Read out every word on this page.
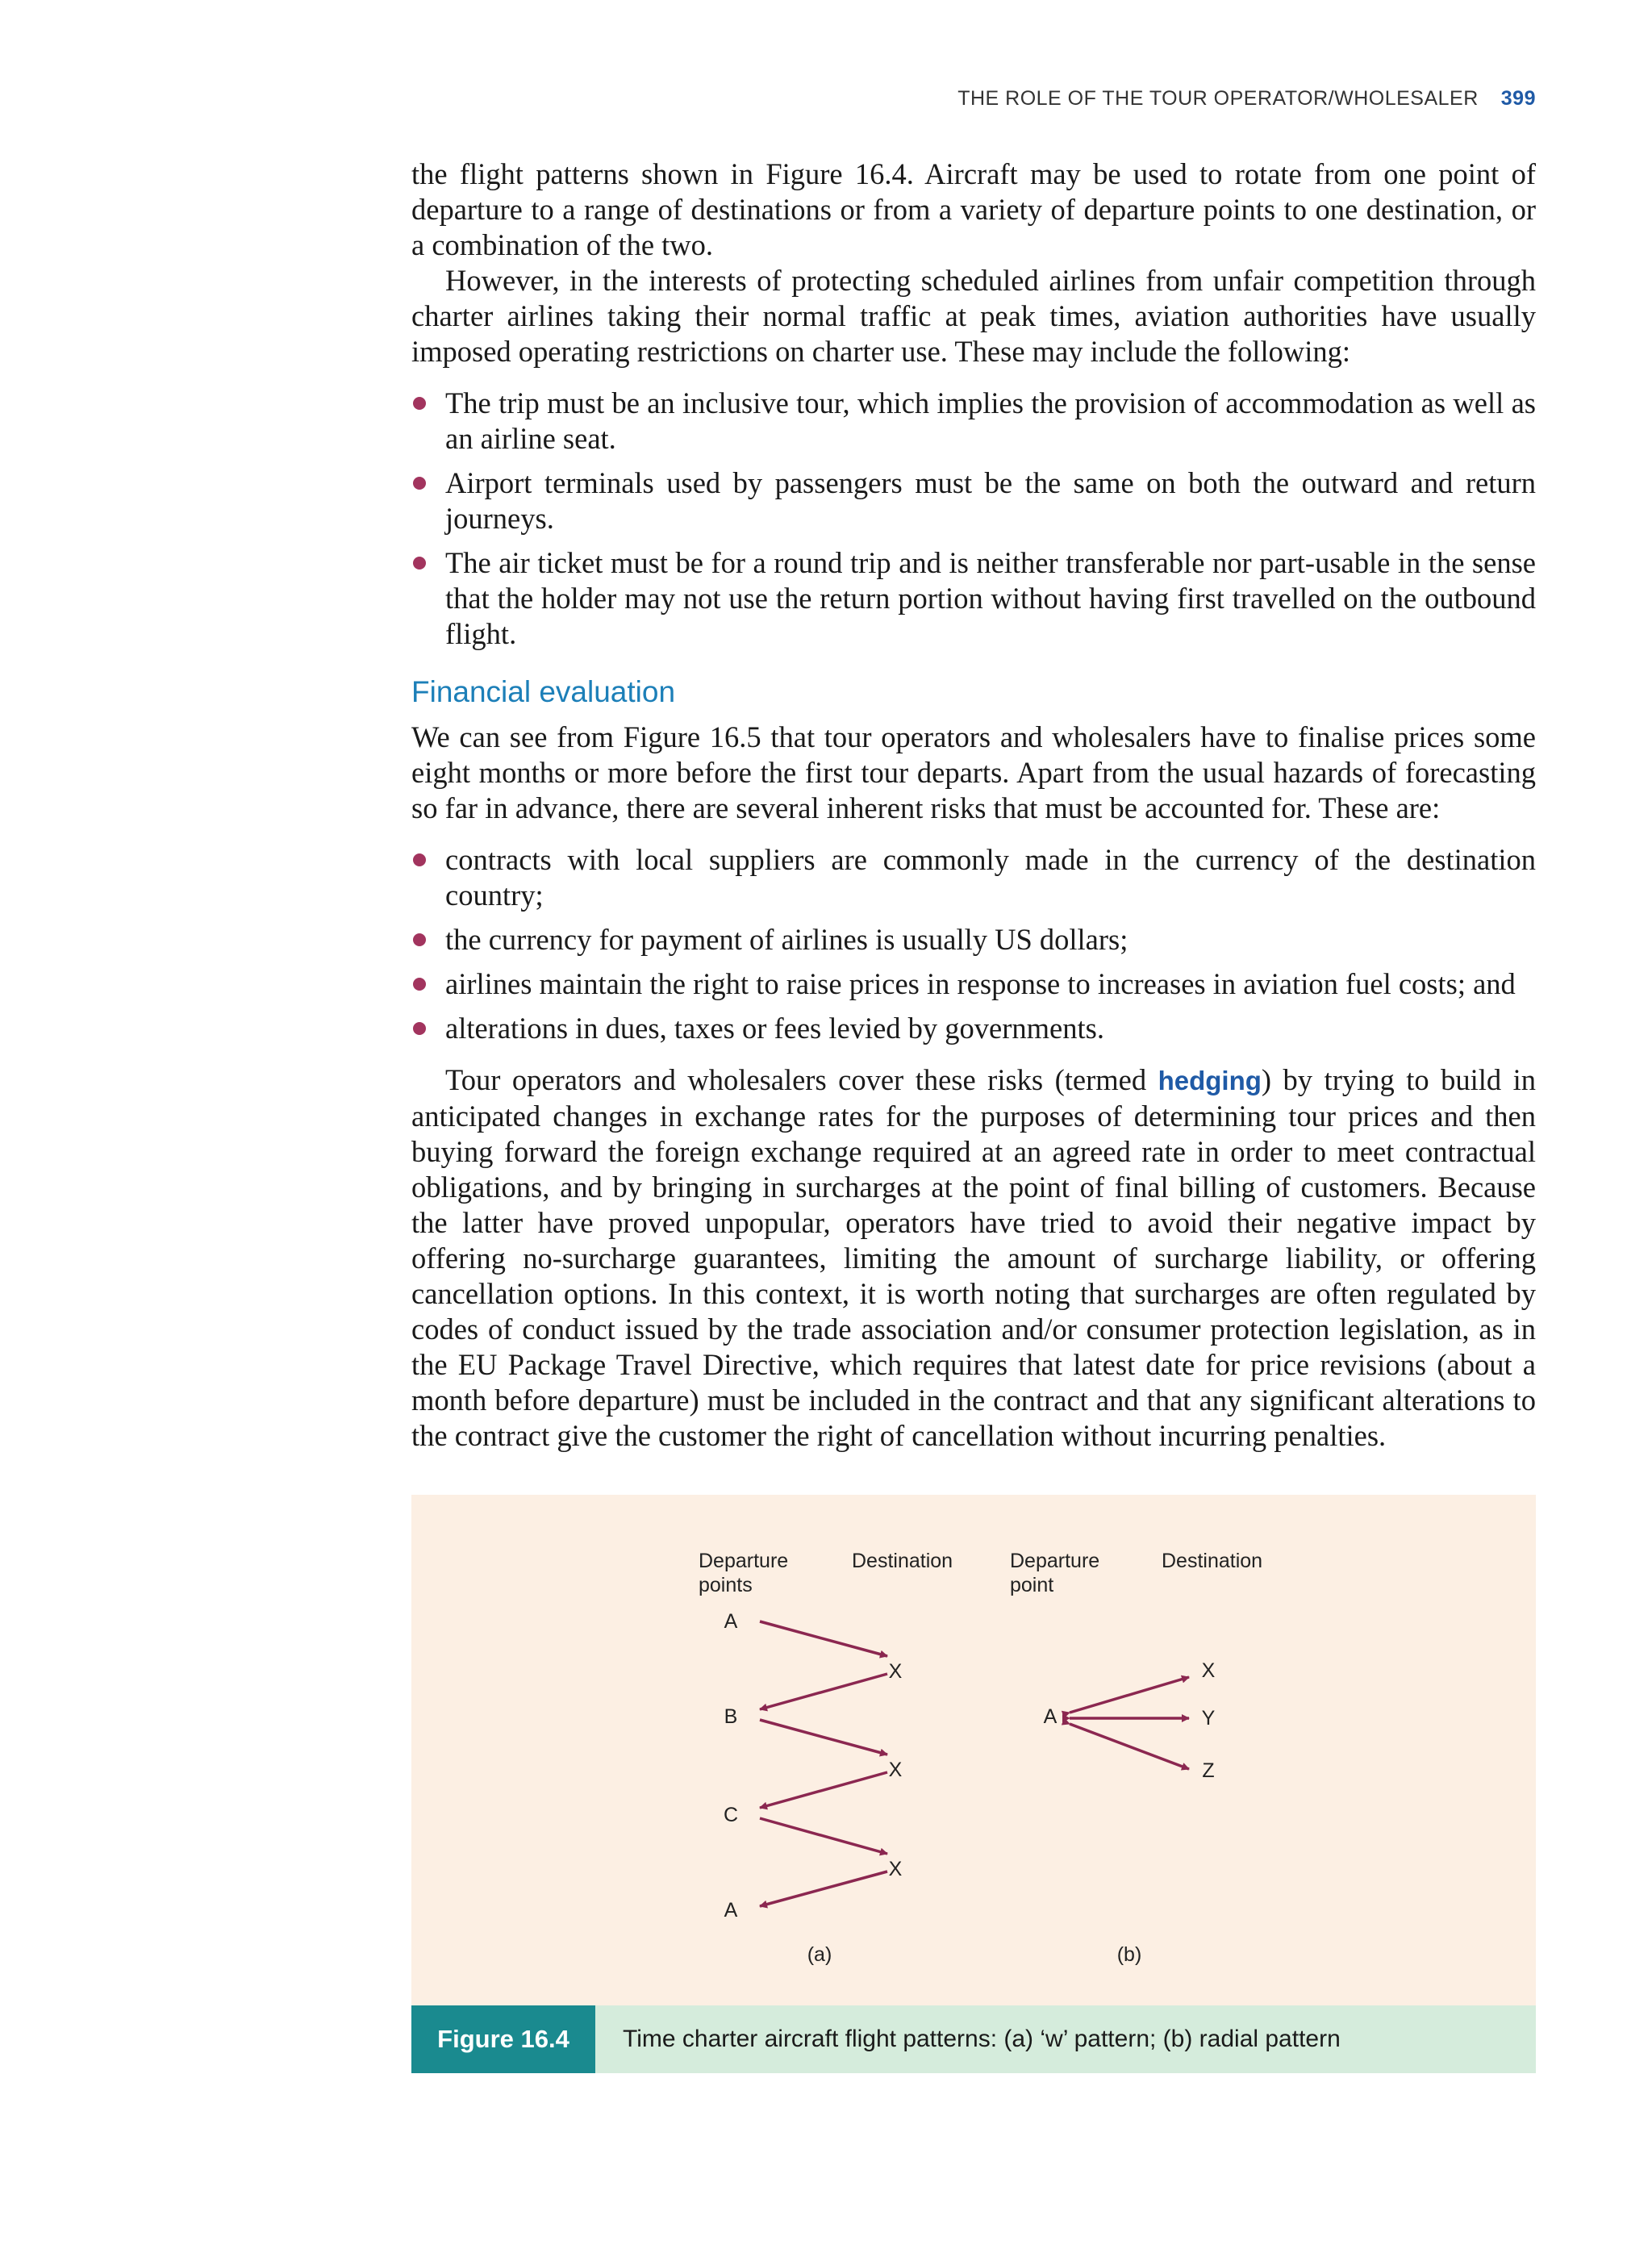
THE ROLE OF THE TOUR OPERATOR/WHOLESALER 399

the flight patterns shown in Figure 16.4. Aircraft may be used to rotate from one point of departure to a range of destinations or from a variety of departure points to one destination, or a combination of the two.

However, in the interests of protecting scheduled airlines from unfair competition through charter airlines taking their normal traffic at peak times, aviation authorities have usually imposed operating restrictions on charter use. These may include the following:

The trip must be an inclusive tour, which implies the provision of accommodation as well as an airline seat.
Airport terminals used by passengers must be the same on both the outward and return journeys.
The air ticket must be for a round trip and is neither transferable nor part-usable in the sense that the holder may not use the return portion without having first travelled on the outbound flight.
Financial evaluation

We can see from Figure 16.5 that tour operators and wholesalers have to finalise prices some eight months or more before the first tour departs. Apart from the usual hazards of forecasting so far in advance, there are several inherent risks that must be accounted for. These are:

contracts with local suppliers are commonly made in the currency of the destination country;
the currency for payment of airlines is usually US dollars;
airlines maintain the right to raise prices in response to increases in aviation fuel costs; and
alterations in dues, taxes or fees levied by governments.

Tour operators and wholesalers cover these risks (termed hedging) by trying to build in anticipated changes in exchange rates for the purposes of determining tour prices and then buying forward the foreign exchange required at an agreed rate in order to meet contractual obligations, and by bringing in surcharges at the point of final billing of customers. Because the latter have proved unpopular, operators have tried to avoid their negative impact by offering no-surcharge guarantees, limiting the amount of surcharge liability, or offering cancellation options. In this context, it is worth noting that surcharges are often regulated by codes of conduct issued by the trade association and/or consumer protection legislation, as in the EU Package Travel Directive, which requires that latest date for price revisions (about a month before departure) must be included in the contract and that any significant alterations to the contract give the customer the right of cancellation without incurring penalties.

Departure
points
Destination
A
B
C
A
X
X
X
(a)
Departure
point
Destination
A
X
Y
Z
(b)
Figure 16.4	Time charter aircraft flight patterns: (a) ‘w’ pattern; (b) radial pattern
